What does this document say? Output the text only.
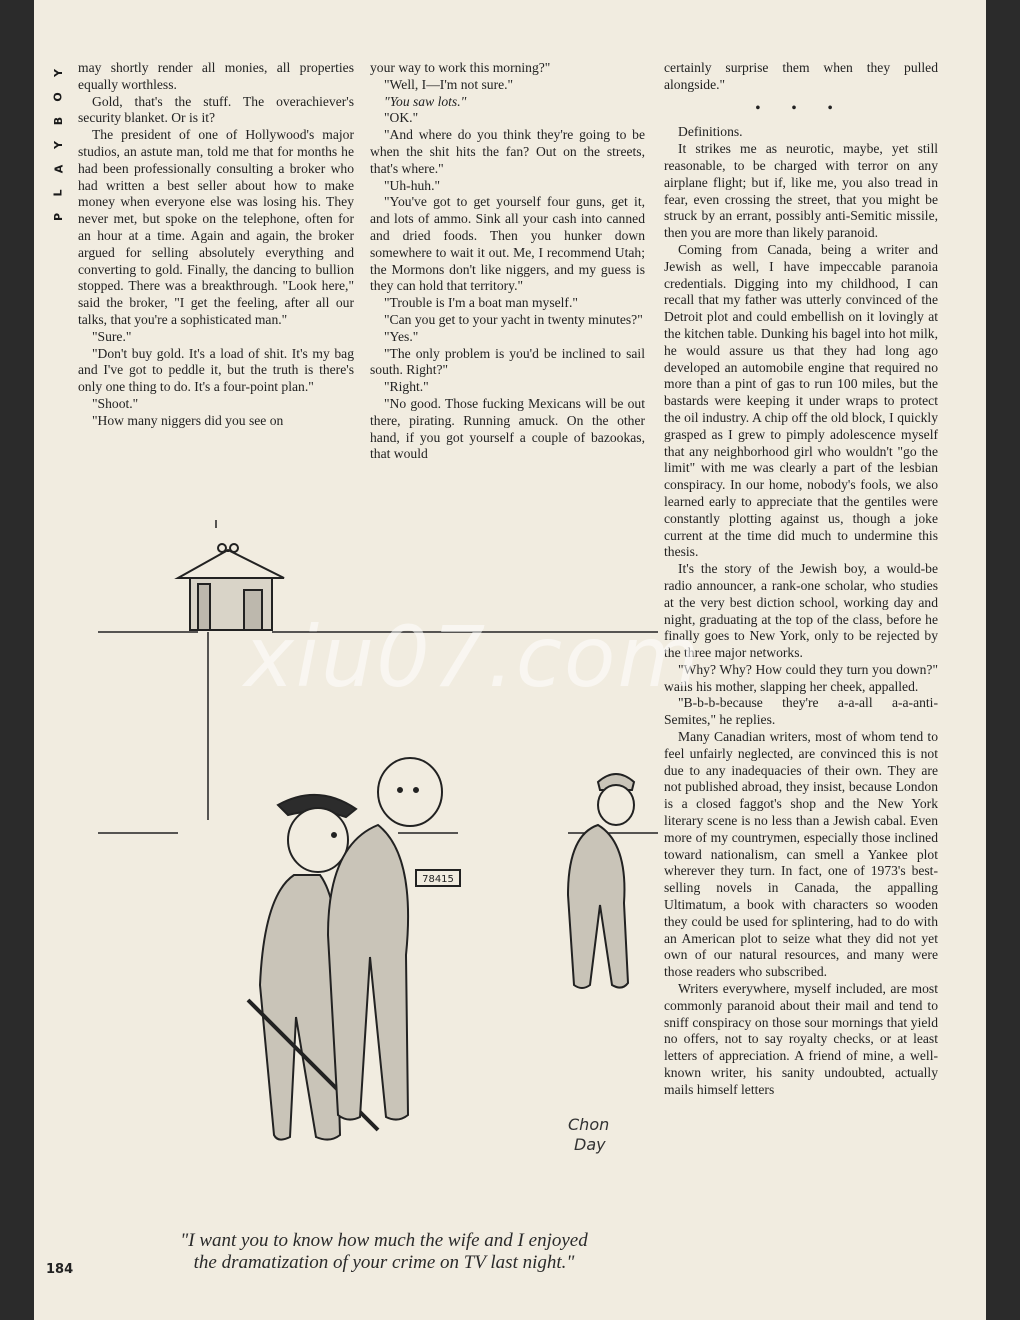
Y
O
B
Y
A
L
P

may shortly render all monies, all properties equally worthless.

Gold, that's the stuff. The overachiever's security blanket. Or is it?

The president of one of Hollywood's major studios, an astute man, told me that for months he had been professionally consulting a broker who had written a best seller about how to make money when everyone else was losing his. They never met, but spoke on the telephone, often for an hour at a time. Again and again, the broker argued for selling absolutely everything and converting to gold. Finally, the dancing to bullion stopped. There was a breakthrough. "Look here," said the broker, "I get the feeling, after all our talks, that you're a sophisticated man."

"Sure."

"Don't buy gold. It's a load of shit. It's my bag and I've got to peddle it, but the truth is there's only one thing to do. It's a four-point plan."

"Shoot."

"How many niggers did you see on

your way to work this morning?"

"Well, I—I'm not sure."

"You saw lots."

"OK."

"And where do you think they're going to be when the shit hits the fan? Out on the streets, that's where."

"Uh-huh."

"You've got to get yourself four guns, get it, and lots of ammo. Sink all your cash into canned and dried foods. Then you hunker down somewhere to wait it out. Me, I recommend Utah; the Mormons don't like niggers, and my guess is they can hold that territory."

"Trouble is I'm a boat man myself."

"Can you get to your yacht in twenty minutes?"

"Yes."

"The only problem is you'd be inclined to sail south. Right?"

"Right."

"No good. Those fucking Mexicans will be out there, pirating. Running amuck. On the other hand, if you got yourself a couple of bazookas, that would

certainly surprise them when they pulled alongside."

• • •

Definitions.

It strikes me as neurotic, maybe, yet still reasonable, to be charged with terror on any airplane flight; but if, like me, you also tread in fear, even crossing the street, that you might be struck by an errant, possibly anti-Semitic missile, then you are more than likely paranoid.

Coming from Canada, being a writer and Jewish as well, I have impeccable paranoia credentials. Digging into my childhood, I can recall that my father was utterly convinced of the Detroit plot and could embellish on it lovingly at the kitchen table. Dunking his bagel into hot milk, he would assure us that they had long ago developed an automobile engine that required no more than a pint of gas to run 100 miles, but the bastards were keeping it under wraps to protect the oil industry. A chip off the old block, I quickly grasped as I grew to pimply adolescence myself that any neighborhood girl who wouldn't "go the limit" with me was clearly a part of the lesbian conspiracy. In our home, nobody's fools, we also learned early to appreciate that the gentiles were constantly plotting against us, though a joke current at the time did much to undermine this thesis.

It's the story of the Jewish boy, a would-be radio announcer, a rank-one scholar, who studies at the very best diction school, working day and night, graduating at the top of the class, before he finally goes to New York, only to be rejected by the three major networks.

"Why? Why? How could they turn you down?" wails his mother, slapping her cheek, appalled.

"B-b-b-because they're a-a-all a-a-anti-Semites," he replies.

Many Canadian writers, most of whom tend to feel unfairly neglected, are convinced this is not due to any inadequacies of their own. They are not published abroad, they insist, because London is a closed faggot's shop and the New York literary scene is no less than a Jewish cabal. Even more of my countrymen, especially those inclined toward nationalism, can smell a Yankee plot wherever they turn. In fact, one of 1973's best-selling novels in Canada, the appalling Ultimatum, a book with characters so wooden they could be used for splintering, had to do with an American plot to seize what they did not yet own of our natural resources, and many were those readers who subscribed.

Writers everywhere, myself included, are most commonly paranoid about their mail and tend to sniff conspiracy on those sour mornings that yield no offers, not to say royalty checks, or at least letters of appreciation. A friend of mine, a well-known writer, his sanity undoubted, actually mails himself letters

78415
Chon
Day
"I want you to know how much the wife and I enjoyed
the dramatization of your crime on TV last night."
184
xiu07.com
